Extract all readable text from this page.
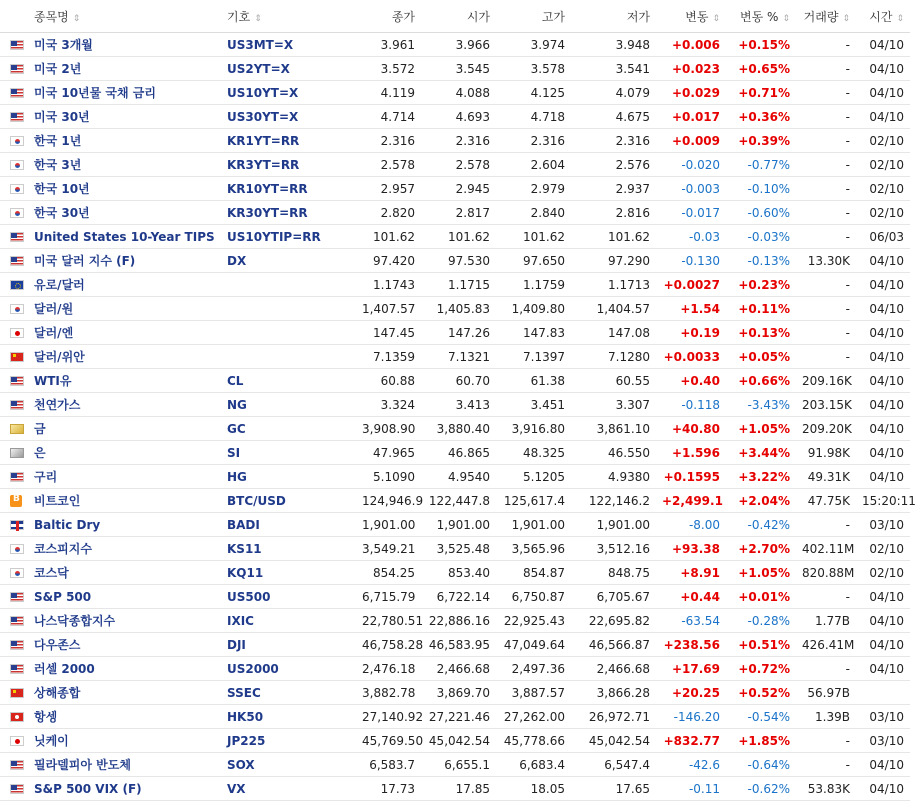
	종목명 ⇕	기호 ⇕	종가	시가	고가	저가	변동 ⇕	변동 % ⇕	거래량 ⇕	시간 ⇕
	미국 3개월	US3MT=X	3.961	3.966	3.974	3.948	+0.006	+0.15%	-	04/10
	미국 2년	US2YT=X	3.572	3.545	3.578	3.541	+0.023	+0.65%	-	04/10
	미국 10년물 국채 금리	US10YT=X	4.119	4.088	4.125	4.079	+0.029	+0.71%	-	04/10
	미국 30년	US30YT=X	4.714	4.693	4.718	4.675	+0.017	+0.36%	-	04/10
	한국 1년	KR1YT=RR	2.316	2.316	2.316	2.316	+0.009	+0.39%	-	02/10
	한국 3년	KR3YT=RR	2.578	2.578	2.604	2.576	-0.020	-0.77%	-	02/10
	한국 10년	KR10YT=RR	2.957	2.945	2.979	2.937	-0.003	-0.10%	-	02/10
	한국 30년	KR30YT=RR	2.820	2.817	2.840	2.816	-0.017	-0.60%	-	02/10
	United States 10-Year TIPS	US10YTIP=RR	101.62	101.62	101.62	101.62	-0.03	-0.03%	-	06/03
	미국 달러 지수 (F)	DX	97.420	97.530	97.650	97.290	-0.130	-0.13%	13.30K	04/10
	유로/달러		1.1743	1.1715	1.1759	1.1713	+0.0027	+0.23%	-	04/10
	달러/원		1,407.57	1,405.83	1,409.80	1,404.57	+1.54	+0.11%	-	04/10
	달러/엔		147.45	147.26	147.83	147.08	+0.19	+0.13%	-	04/10
	달러/위안		7.1359	7.1321	7.1397	7.1280	+0.0033	+0.05%	-	04/10
	WTI유	CL	60.88	60.70	61.38	60.55	+0.40	+0.66%	209.16K	04/10
	천연가스	NG	3.324	3.413	3.451	3.307	-0.118	-3.43%	203.15K	04/10
	금	GC	3,908.90	3,880.40	3,916.80	3,861.10	+40.80	+1.05%	209.20K	04/10
	은	SI	47.965	46.865	48.325	46.550	+1.596	+3.44%	91.98K	04/10
	구리	HG	5.1090	4.9540	5.1205	4.9380	+0.1595	+3.22%	49.31K	04/10
B	비트코인	BTC/USD	124,946.9	122,447.8	125,617.4	122,146.2	+2,499.1	+2.04%	47.75K	15:20:11
	Baltic Dry	BADI	1,901.00	1,901.00	1,901.00	1,901.00	-8.00	-0.42%	-	03/10
	코스피지수	KS11	3,549.21	3,525.48	3,565.96	3,512.16	+93.38	+2.70%	402.11M	02/10
	코스닥	KQ11	854.25	853.40	854.87	848.75	+8.91	+1.05%	820.88M	02/10
	S&P 500	US500	6,715.79	6,722.14	6,750.87	6,705.67	+0.44	+0.01%	-	04/10
	나스닥종합지수	IXIC	22,780.51	22,886.16	22,925.43	22,695.82	-63.54	-0.28%	1.77B	04/10
	다우존스	DJI	46,758.28	46,583.95	47,049.64	46,566.87	+238.56	+0.51%	426.41M	04/10
	러셀 2000	US2000	2,476.18	2,466.68	2,497.36	2,466.68	+17.69	+0.72%	-	04/10
	상해종합	SSEC	3,882.78	3,869.70	3,887.57	3,866.28	+20.25	+0.52%	56.97B	
	항셍	HK50	27,140.92	27,221.46	27,262.00	26,972.71	-146.20	-0.54%	1.39B	03/10
	닛케이	JP225	45,769.50	45,042.54	45,778.66	45,042.54	+832.77	+1.85%	-	03/10
	필라델피아 반도체	SOX	6,583.7	6,655.1	6,683.4	6,547.4	-42.6	-0.64%	-	04/10
	S&P 500 VIX (F)	VX	17.73	17.85	18.05	17.65	-0.11	-0.62%	53.83K	04/10
